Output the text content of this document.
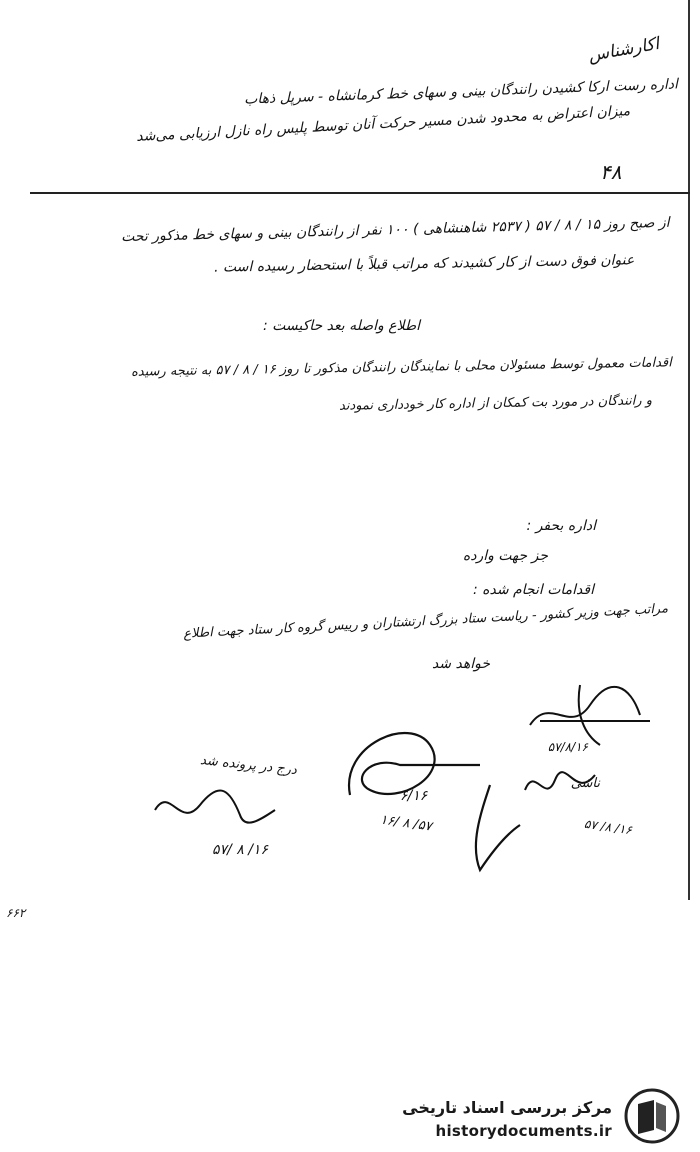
اکارشناس
اداره رست ارکا کشیدن را‌نندگان بینی و سهای خط کرمانشاه - سرپل ذهاب
میزان اعتراض به محدود شدن مسیر حرکت آنان توسط پلیس راه نازل ارزیابی می‌شد
۴۸
از صبح روز ۱۵ / ۸ / ۵۷ ( ۲۵۳۷ شاهنشاهی ) ۱۰۰ نفر از رانندگان بینی و سهای خط مذکور تحت
عنوان فوق دست از کار کشیدند که مراتب قبلاً با استحضار رسیده است .
اطلاع واصله بعد حاکیست :
اقدامات معمول توسط مسئولان محلی با نمایندگان رانندگان مذکور تا روز ۱۶ / ۸ / ۵۷ به نتیجه رسیده
و رانندگان در مورد بت کمکان از اداره کار خودداری نمودند
اداره بحفر :
جز جهت وارده
اقدامات انجام شده :
مراتب جهت وزیر کشور - ریاست ستاد بزرگ ارتشتاران و رییس گروه کار ستاد جهت اطلاع
خواهد شد
۵۷/۸/۱۶
ناشی
۱۶/ ۸/ ۵۷
۶/۱۶
۵۷/ ۸ /۱۶
درج در پرونده شد
۱۶/ ۸ /۵۷
۶۶۲
مرکز بررسی اسناد تاریخی
historydocuments.ir
